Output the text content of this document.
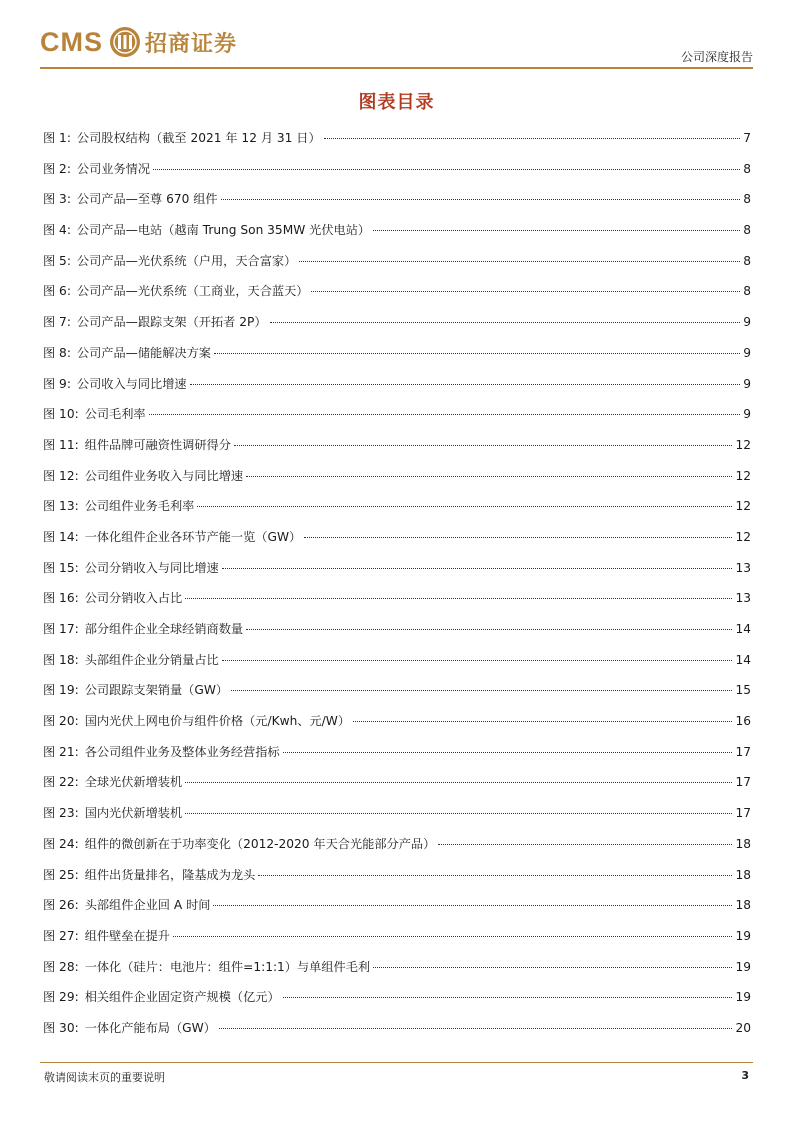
CMS 招商证券
公司深度报告
图表目录
图 1: 公司股权结构（截至 2021 年 12 月 31 日）	7
图 2: 公司业务情况	8
图 3: 公司产品—至尊 670 组件	8
图 4: 公司产品—电站（越南 Trung Son 35MW 光伏电站）	8
图 5: 公司产品—光伏系统（户用，天合富家）	8
图 6: 公司产品—光伏系统（工商业，天合蓝天）	8
图 7: 公司产品—跟踪支架（开拓者 2P）	9
图 8: 公司产品—储能解决方案	9
图 9: 公司收入与同比增速	9
图 10: 公司毛利率	9
图 11: 组件品牌可融资性调研得分	12
图 12: 公司组件业务收入与同比增速	12
图 13: 公司组件业务毛利率	12
图 14: 一体化组件企业各环节产能一览（GW）	12
图 15: 公司分销收入与同比增速	13
图 16: 公司分销收入占比	13
图 17: 部分组件企业全球经销商数量	14
图 18: 头部组件企业分销量占比	14
图 19: 公司跟踪支架销量（GW）	15
图 20: 国内光伏上网电价与组件价格（元/Kwh、元/W）	16
图 21: 各公司组件业务及整体业务经营指标	17
图 22: 全球光伏新增装机	17
图 23: 国内光伏新增装机	17
图 24: 组件的微创新在于功率变化（2012-2020 年天合光能部分产品）	18
图 25: 组件出货量排名，隆基成为龙头	18
图 26: 头部组件企业回 A 时间	18
图 27: 组件壁垒在提升	19
图 28: 一体化（硅片：电池片：组件=1:1:1）与单组件毛利	19
图 29: 相关组件企业固定资产规模（亿元）	19
图 30: 一体化产能布局（GW）	20
敬请阅读末页的重要说明	3
